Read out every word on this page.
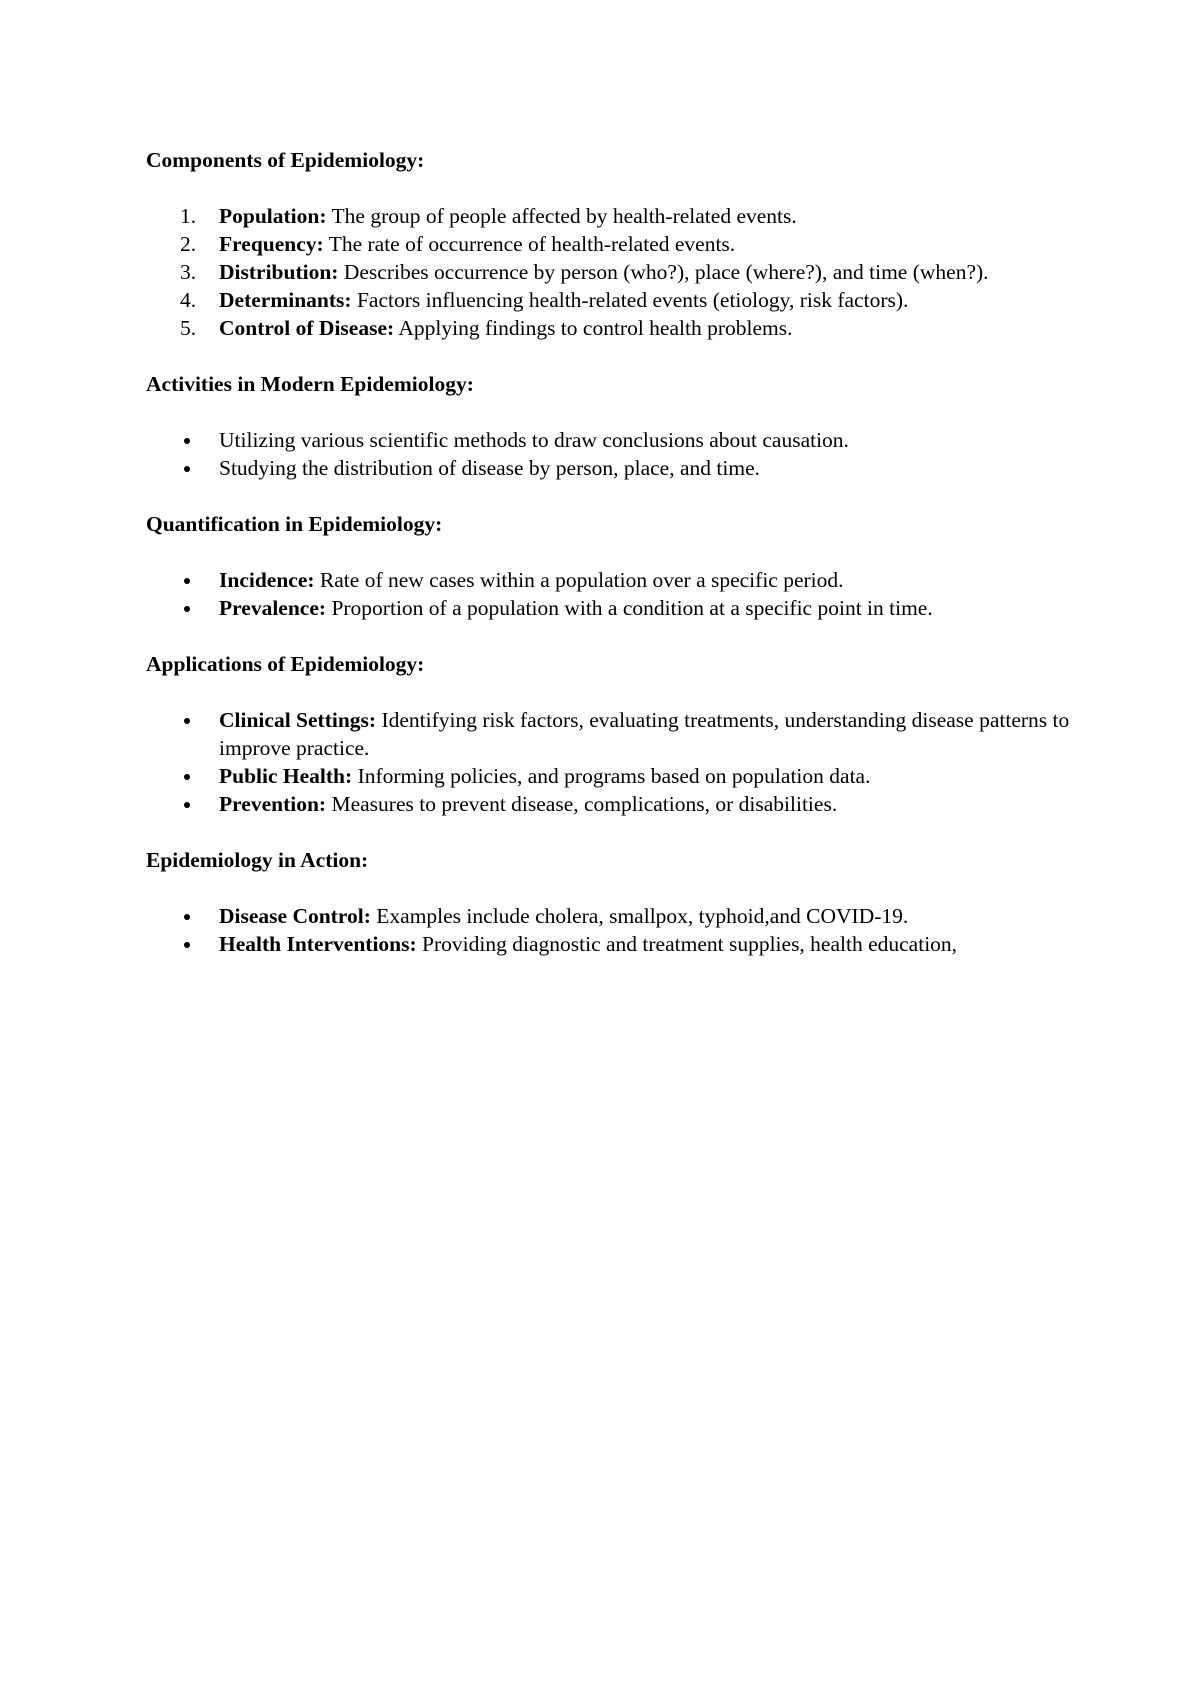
Components of Epidemiology:

1. Population: The group of people affected by health-related events.
2. Frequency: The rate of occurrence of health-related events.
3. Distribution: Describes occurrence by person (who?), place (where?), and time (when?).
4. Determinants: Factors influencing health-related events (etiology, risk factors).
5. Control of Disease: Applying findings to control health problems.

Activities in Modern Epidemiology:

Utilizing various scientific methods to draw conclusions about causation.
Studying the distribution of disease by person, place, and time.

Quantification in Epidemiology:

Incidence: Rate of new cases within a population over a specific period.
Prevalence: Proportion of a population with a condition at a specific point in time.

Applications of Epidemiology:

Clinical Settings: Identifying risk factors, evaluating treatments, understanding disease patterns to improve practice.
Public Health: Informing policies, and programs based on population data.
Prevention: Measures to prevent disease, complications, or disabilities.

Epidemiology in Action:

Disease Control: Examples include cholera, smallpox, typhoid,and COVID-19.
Health Interventions: Providing diagnostic and treatment supplies, health education,
